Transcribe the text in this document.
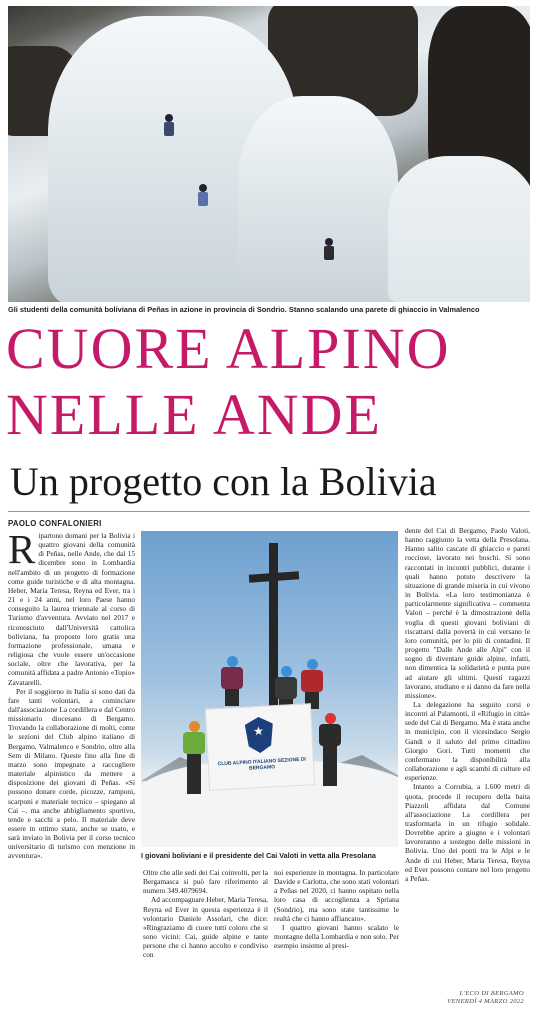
Gli studenti della comunità boliviana di Peñas in azione in provincia di Sondrio. Stanno scalando una parete di ghiaccio in Valmalenco
CUORE ALPINO
NELLE ANDE
Un progetto con la Bolivia
PAOLO CONFALONIERI
R ipartono domani per la Bolivia i quattro giovani della comunità di Peñas, nelle Ande, che dal 15 dicembre sono in Lombardia nell'ambito di un progetto di formazione come guide turistiche e di alta montagna. Heber, Maria Teresa, Reyna ed Ever, tra i 21 e i 24 anni, nel loro Paese hanno conseguito la laurea triennale al corso di Turismo d'avventura. Avviato nel 2017 e riconosciuto dall'Università cattolica boliviana, ha proposto loro gratis una formazione professionale, umana e religiosa che vuole essere un'occasione sociale, oltre che lavorativa, per la comunità affidata a padre Antonio «Topio» Zavatarelli.

Per il soggiorno in Italia si sono dati da fare tanti volontari, a cominciare dall'associazione La cordillera e dal Centro missionario diocesano di Bergamo. Trovando la collaborazione di molti, come le sezioni del Club alpino italiano di Bergamo, Valmalenco e Sondrio, oltre alla Sem di Milano. Queste fino alla fine di marzo sono impegnate a raccogliere materiale alpinistico da mettere a disposizione dei giovani di Peñas. «Si possono donare corde, picozze, ramponi, scarponi e materiale tecnico – spiegano al Cai –, ma anche abbigliamento sportivo, tende e sacchi a pelo. Il materiale deve essere in ottimo stato, anche se usato, e sarà inviato in Bolivia per il corso tecnico universitario di turismo con menzione in avventura».

★
CLUB ALPINO ITALIANO SEZIONE DI BERGAMO
I giovani boliviani e il presidente del Cai Valoti in vetta alla Presolana

Oltre che alle sedi dei Cai coinvolti, per la Bergamasca si può fare riferimento al numero 349.4079694.

Ad accompagnare Heber, Maria Teresa, Reyna ed Ever in questa esperienza è il volontario Daniele Assolari, che dice: «Ringraziamo di cuore tutti coloro che si sono vicini: Cai, guide alpine e tante persone che ci hanno accolto e condiviso con

noi esperienze in montagna. In particolare Davide e Carlotta, che sono stati volontari a Peñas nel 2020, ci hanno ospitato nella loro casa di accoglienza a Spriana (Sondrio), ma sono state tantissime le realtà che ci hanno affiancato».

I quattro giovani hanno scalato le montagne della Lombardia e non solo. Per esempio insieme al presi-

dente del Cai di Bergamo, Paolo Valoti, hanno raggiunto la vetta della Presolana. Hanno salito cascate di ghiaccio e pareti rocciose, lavorato nei boschi. Si sono raccontati in incontri pubblici, durante i quali hanno potuto descrivere la situazione di grande miseria in cui vivono in Bolivia. «La loro testimonianza è particolarmente significativa – commenta Valoti – perché è la dimostrazione della voglia di questi giovani boliviani di riscattarsi dalla povertà in cui versano le loro comunità, per lo più di contadini. Il progetto "Dalle Ande alle Alpi" con il sogno di diventare guide alpine, infatti, non dimentica la solidarietà e punta pure ad aiutare gli ultimi. Questi ragazzi lavorano, studiano e si danno da fare nella missione».

La delegazione ha seguito corsi e incontri al Palamonti, il «Rifugio in città» sede del Cai di Bergamo. Ma è stata anche in municipio, con il vicesindaco Sergio Gandi e il saluto del primo cittadino Giorgio Gori. Tutti momenti che confermano la disponibilità alla collaborazione e agli scambi di culture ed esperienze.

Intanto a Corrubia, a 1.600 metri di quota, procede il recupero della baita Piazzoli affidata dal Comune all'associazione La cordillera per trasformarla in un rifugio solidale. Dovrebbe aprire a giugno e i volontari lavoreranno a sostegno delle missioni in Bolivia. Uno dei ponti tra le Alpi e le Ande di cui Heber, Maria Teresa, Reyna ed Ever possono contare nel loro progetto a Peñas.

L'ECO DI BERGAMO
VENERDÌ 4 MARZO 2022
